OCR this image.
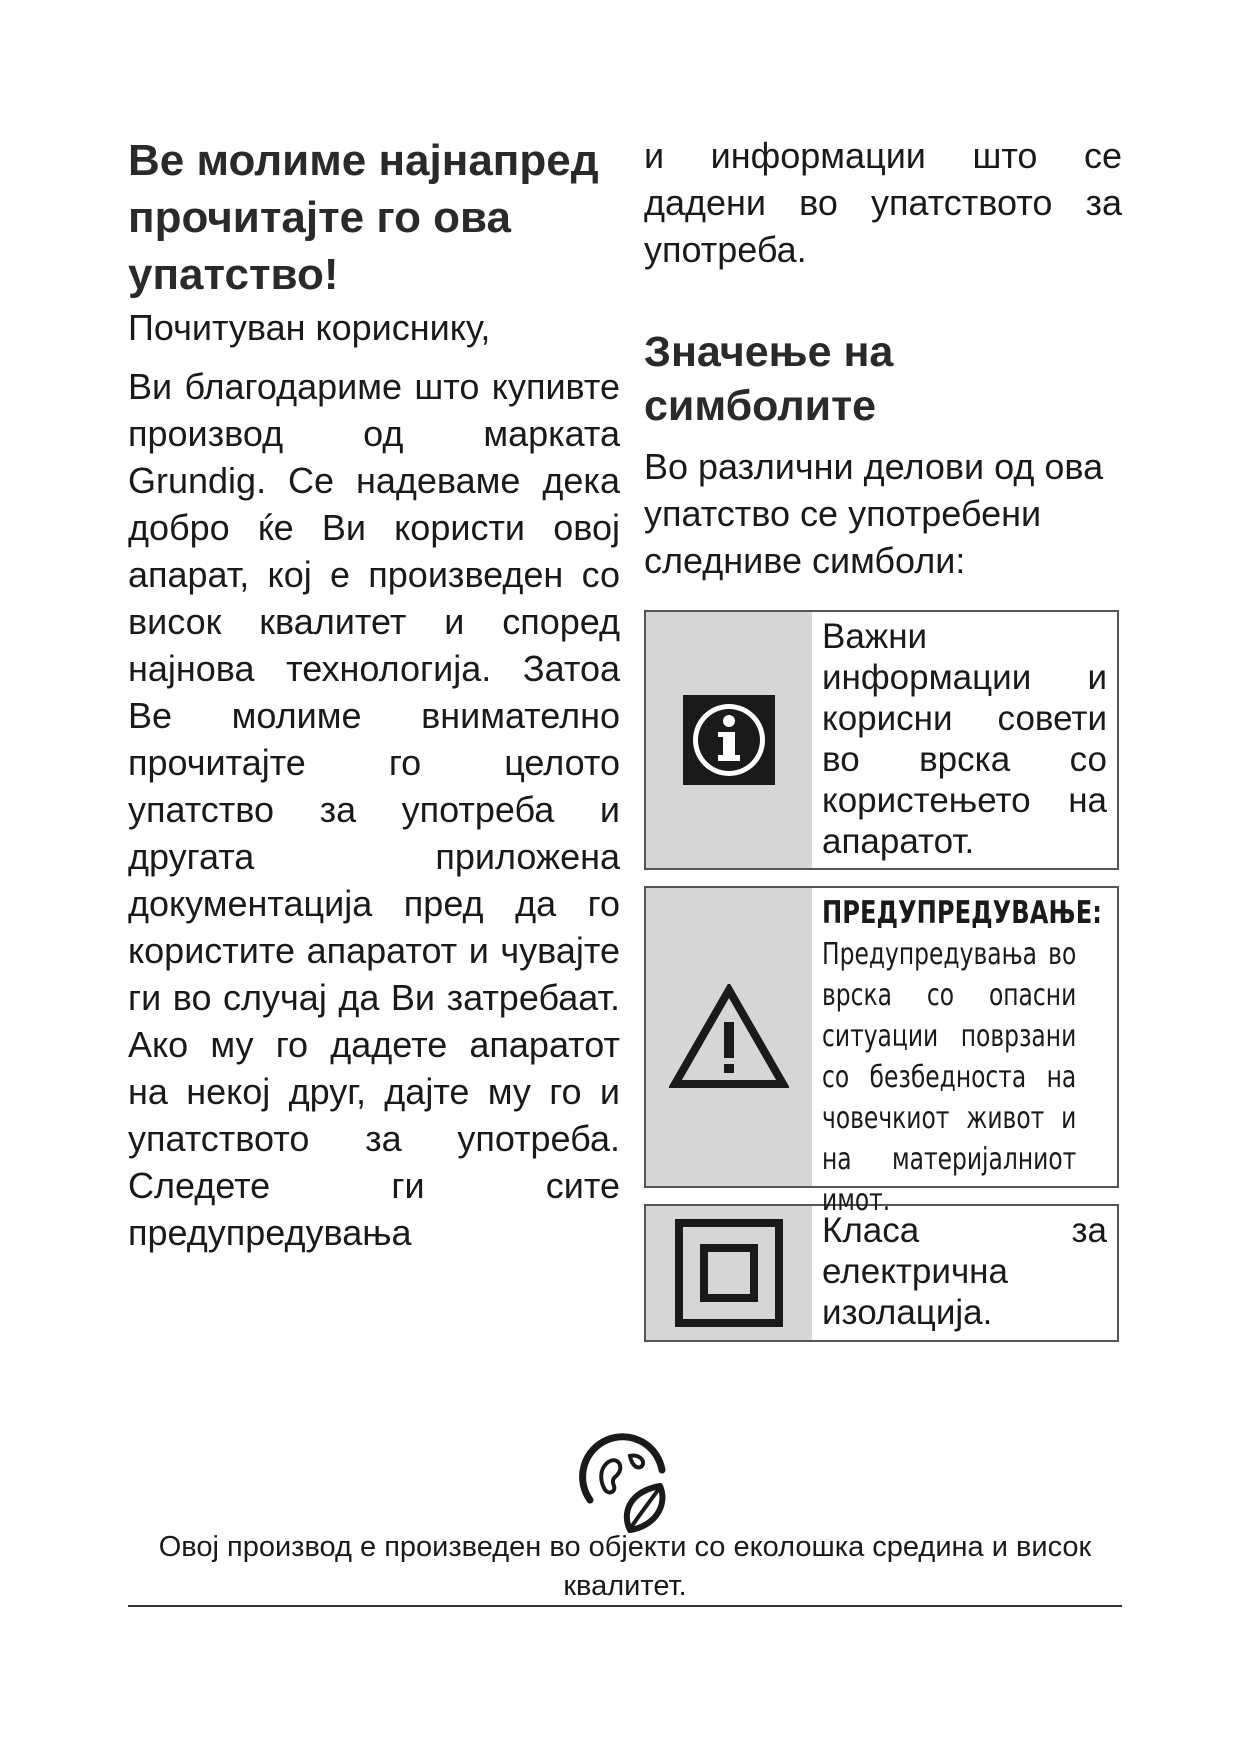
Ве молиме најнапред прочитајте го ова упатство!

Почитуван кориснику,

Ви благодариме што купивте производ од марката Grundig. Се надеваме дека добро ќе Ви користи овој апарат, кој е произведен со висок квалитет и според најнова технологија. Затоа Ве молиме внимателно прочитајте го целото упатство за употреба и другата приложена документација пред да го користите апаратот и чувајте ги во случај да Ви затребаат. Ако му го дадете апаратот на некој друг, дајте му го и упатството за употреба. Следете ги сите предупредувања

и информации што се дадени во упатството за употреба.

Значење на симболите

Во различни делови од ова упатство се употребени следниве симболи:

Важни информации и корисни совети во врска со користењето на апаратот.

ПРЕДУПРЕДУВАЊЕ:

Предупредувања во врска со опасни ситуации поврзани со безбедноста на човечкиот живот и на материјалниот имот.

Класа за електрична изолација.

Овој производ е произведен во објекти со еколошка средина и висок квалитет.
